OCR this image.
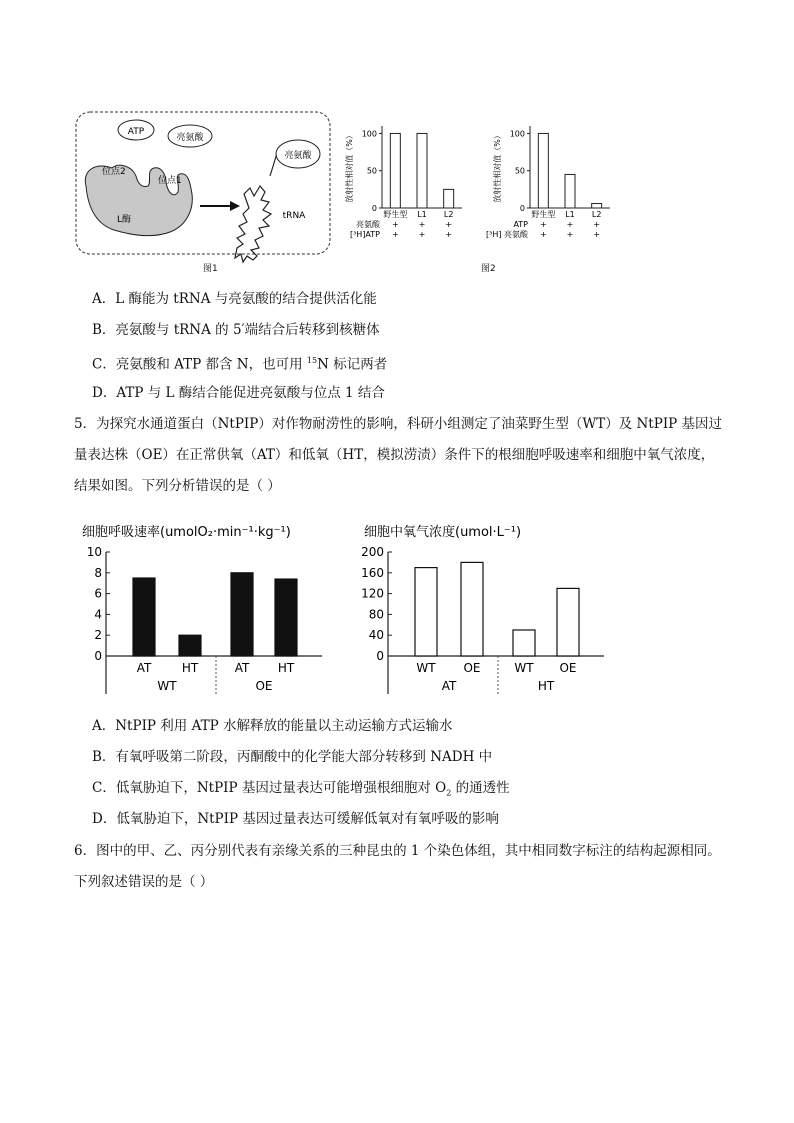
ATP
亮氨酸
L酶
位点2
位点1
亮氨酸
tRNA
图1
放射性相对值（%） 100
50
0
野生型 L1 L2
亮氨酸 + + +
[³H]ATP + + +
放射性相对值（%） 100
50
0
野生型 L1 L2
ATP + + +
[³H] 亮氨酸 + + +
图2
A．L 酶能为 tRNA 与亮氨酸的结合提供活化能
B．亮氨酸与 tRNA 的 5′端结合后转移到核糖体
C．亮氨酸和 ATP 都含 N，也可用 $^{15}$N 标记两者
D．ATP 与 L 酶结合能促进亮氨酸与位点 1 结合
5．为探究水通道蛋白（NtPIP）对作物耐涝性的影响，科研小组测定了油菜野生型（WT）及 NtPIP 基因过
量表达株（OE）在正常供氧（AT）和低氧（HT，模拟涝渍）条件下的根细胞呼吸速率和细胞中氧气浓度，
结果如图。下列分析错误的是（ ）
细胞呼吸速率(umolO₂·min⁻¹·kg⁻¹)
10
8
6
4
2
0
AT	HT	AT HT
WT	OE
细胞中氧气浓度(umol·L⁻¹)
200
160
120
80
40
0
WT OE	WT OE
AT	HT
A．NtPIP 利用 ATP 水解释放的能量以主动运输方式运输水
B．有氧呼吸第二阶段，丙酮酸中的化学能大部分转移到 NADH 中
C．低氧胁迫下，NtPIP 基因过量表达可能增强根细胞对 $O_2$ 的通透性
D．低氧胁迫下，NtPIP 基因过量表达可缓解低氧对有氧呼吸的影响
6．图中的甲、乙、丙分别代表有亲缘关系的三种昆虫的 1 个染色体组，其中相同数字标注的结构起源相同。
下列叙述错误的是（ ）
